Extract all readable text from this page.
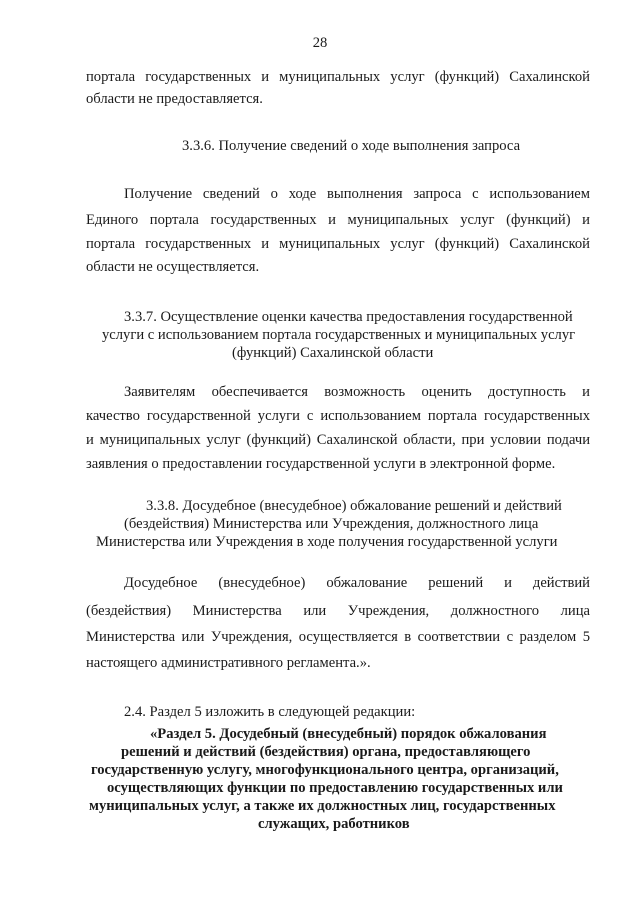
28
портала государственных и муниципальных услуг (функций) Сахалинской
области не предоставляется.
3.3.6. Получение сведений о ходе выполнения запроса
Получение сведений о ходе выполнения запроса с использованием
Единого портала государственных и муниципальных услуг (функций) и
портала государственных и муниципальных услуг (функций) Сахалинской
области не осуществляется.
3.3.7. Осуществление оценки качества предоставления государственной
услуги с использованием портала государственных и муниципальных услуг
(функций) Сахалинской области
Заявителям обеспечивается возможность оценить доступность и
качество государственной услуги с использованием портала государственных
и муниципальных услуг (функций) Сахалинской области, при условии подачи
заявления о предоставлении государственной услуги в электронной форме.
3.3.8. Досудебное (внесудебное) обжалование решений и действий
(бездействия) Министерства или Учреждения, должностного лица
Министерства или Учреждения в ходе получения государственной услуги
Досудебное (внесудебное) обжалование решений и действий
(бездействия) Министерства или Учреждения, должностного лица
Министерства или Учреждения, осуществляется в соответствии с разделом 5
настоящего административного регламента.».
2.4. Раздел 5 изложить в следующей редакции:
«Раздел 5. Досудебный (внесудебный) порядок обжалования
решений и действий (бездействия) органа, предоставляющего
государственную услугу, многофункционального центра, организаций,
осуществляющих функции по предоставлению государственных или
муниципальных услуг, а также их должностных лиц, государственных
служащих, работников
